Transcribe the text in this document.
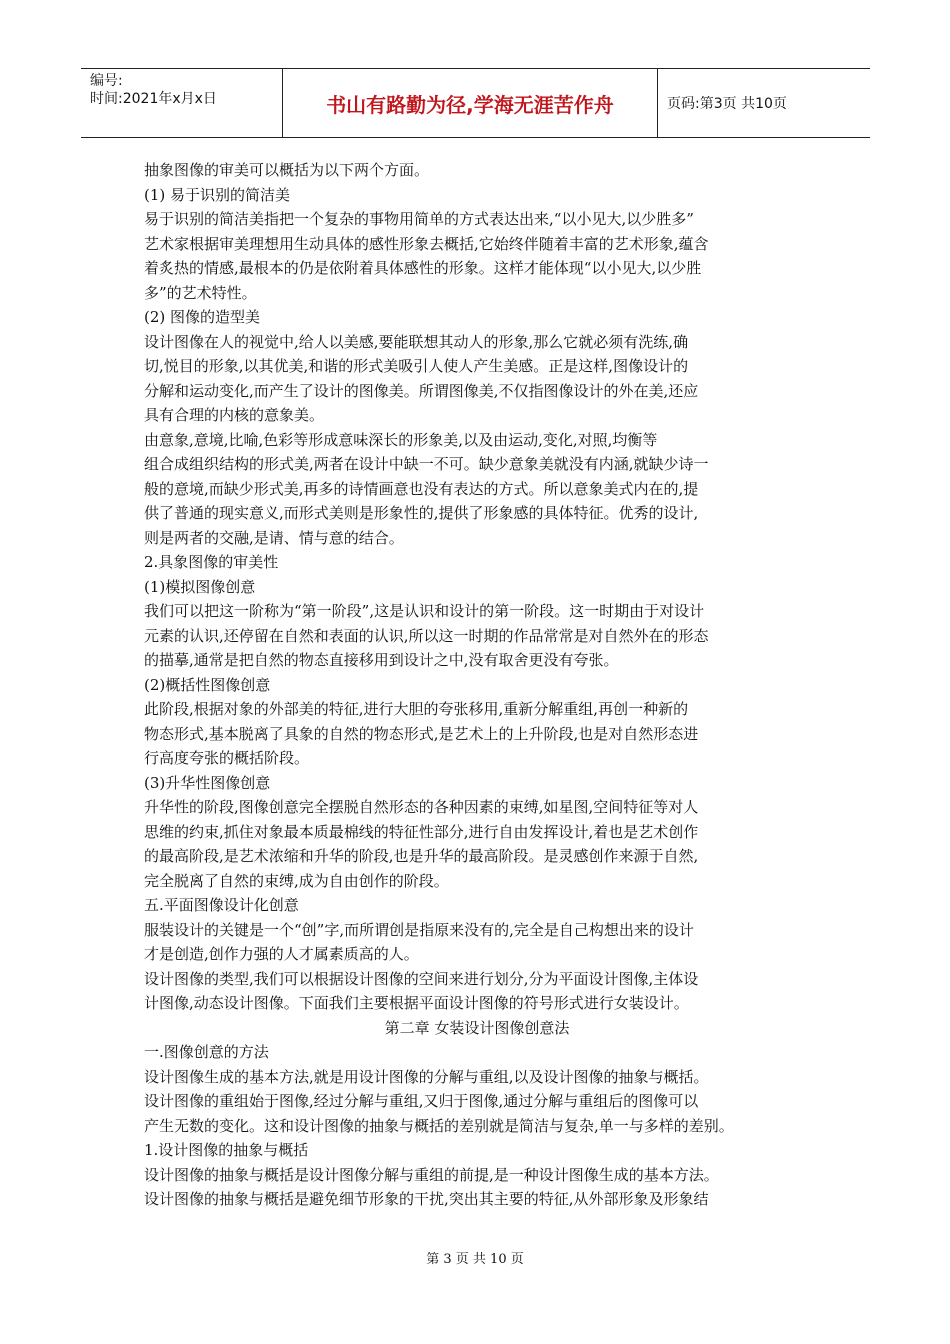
编号:
时间:2021年x月x日	书山有路勤为径,学海无涯苦作舟	页码:第3页 共10页
抽象图像的审美可以概括为以下两个方面。
(1) 易于识别的简洁美
易于识别的简洁美指把一个复杂的事物用简单的方式表达出来,“以小见大,以少胜多”
艺术家根据审美理想用生动具体的感性形象去概括,它始终伴随着丰富的艺术形象,蕴含
着炙热的情感,最根本的仍是依附着具体感性的形象。这样才能体现“以小见大,以少胜
多”的艺术特性。
(2) 图像的造型美
设计图像在人的视觉中,给人以美感,要能联想其动人的形象,那么它就必须有洗练,确
切,悦目的形象,以其优美,和谐的形式美吸引人使人产生美感。正是这样,图像设计的
分解和运动变化,而产生了设计的图像美。所谓图像美,不仅指图像设计的外在美,还应
具有合理的内核的意象美。
由意象,意境,比喻,色彩等形成意味深长的形象美,以及由运动,变化,对照,均衡等
组合成组织结构的形式美,两者在设计中缺一不可。缺少意象美就没有内涵,就缺少诗一
般的意境,而缺少形式美,再多的诗情画意也没有表达的方式。所以意象美式内在的,提
供了普通的现实意义,而形式美则是形象性的,提供了形象感的具体特征。优秀的设计,
则是两者的交融,是请、情与意的结合。
2.具象图像的审美性
(1)模拟图像创意
我们可以把这一阶称为“第一阶段”,这是认识和设计的第一阶段。这一时期由于对设计
元素的认识,还停留在自然和表面的认识,所以这一时期的作品常常是对自然外在的形态
的描摹,通常是把自然的物态直接移用到设计之中,没有取舍更没有夸张。
(2)概括性图像创意
此阶段,根据对象的外部美的特征,进行大胆的夸张移用,重新分解重组,再创一种新的
物态形式,基本脱离了具象的自然的物态形式,是艺术上的上升阶段,也是对自然形态进
行高度夸张的概括阶段。
(3)升华性图像创意
升华性的阶段,图像创意完全摆脱自然形态的各种因素的束缚,如星图,空间特征等对人
思维的约束,抓住对象最本质最棉线的特征性部分,进行自由发挥设计,着也是艺术创作
的最高阶段,是艺术浓缩和升华的阶段,也是升华的最高阶段。是灵感创作来源于自然,
完全脱离了自然的束缚,成为自由创作的阶段。
五.平面图像设计化创意
服装设计的关键是一个“创”字,而所谓创是指原来没有的,完全是自己构想出来的设计
才是创造,创作力强的人才属素质高的人。
设计图像的类型,我们可以根据设计图像的空间来进行划分,分为平面设计图像,主体设
计图像,动态设计图像。下面我们主要根据平面设计图像的符号形式进行女装设计。
第二章 女装设计图像创意法
一.图像创意的方法
设计图像生成的基本方法,就是用设计图像的分解与重组,以及设计图像的抽象与概括。
设计图像的重组始于图像,经过分解与重组,又归于图像,通过分解与重组后的图像可以
产生无数的变化。这和设计图像的抽象与概括的差别就是简洁与复杂,单一与多样的差别。
1.设计图像的抽象与概括
设计图像的抽象与概括是设计图像分解与重组的前提,是一种设计图像生成的基本方法。
设计图像的抽象与概括是避免细节形象的干扰,突出其主要的特征,从外部形象及形象结
第 3 页 共 10 页
